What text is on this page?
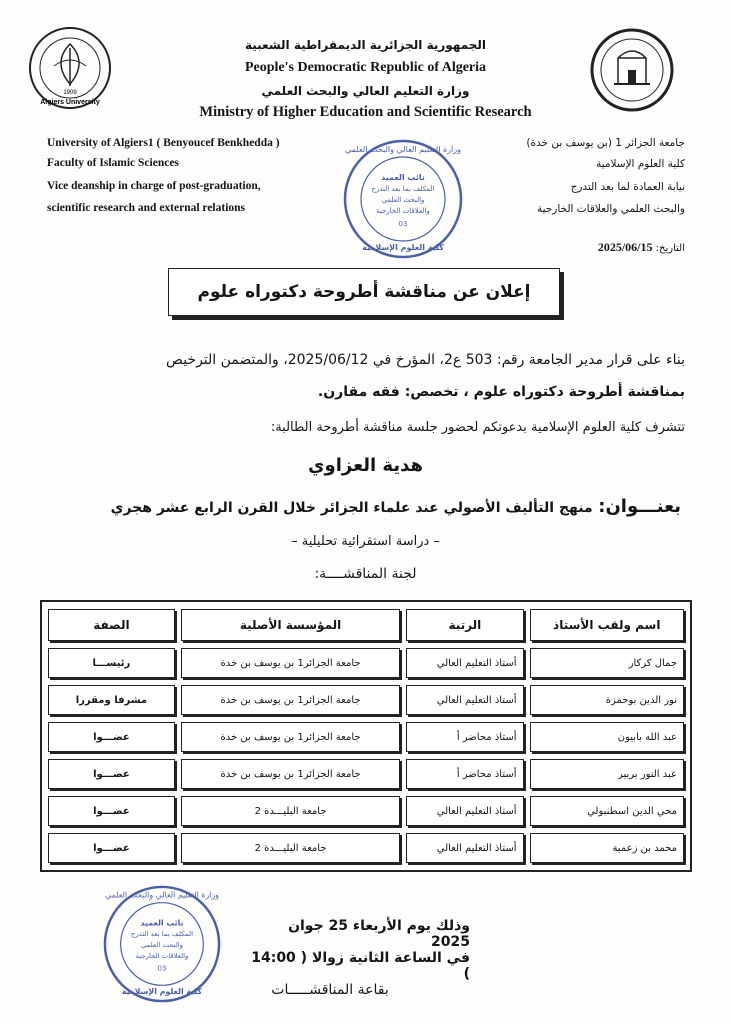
Algiers University
1909
الجمهورية الجزائرية الديمقراطية الشعبية
People's Democratic Republic of Algeria
وزارة التعليم العالي والبحث العلمي
Ministry of Higher Education and Scientific Research
University of Algiers1 ( Benyoucef Benkhedda )
Faculty of Islamic Sciences
Vice deanship in charge of post-graduation,
scientific research and external relations
جامعة الجزائر 1 (بن يوسف بن خدة)
كلية العلوم الإسلامية
نيابة العمادة لما بعد التدرج
والبحث العلمي والعلاقات الخارجية
التاريخ: 2025/06/15
وزارة التعليم العالي والبحث العلمي
نائب العميد
المكلف بما بعد التدرج
والبحث العلمي
والعلاقات الخارجية
03
كلية العلوم الإسلامية
إعلان عن مناقشة أطروحة دكتوراه علوم
بناء على قرار مدير الجامعة رقم: 503 ع2، المؤرخ في 2025/06/12، والمتضمن الترخيص
بمناقشة أطروحة دكتوراه علوم ، تخصص: فقه مقارن.
تتشرف كلية العلوم الإسلامية بدعوتكم لحضور جلسة مناقشة أطروحة الطالبة:
هدية العزاوي
بعنـــوان: منهج التأليف الأصولي عند علماء الجزائر خلال القرن الرابع عشر هجري
– دراسة استقرائية تحليلية –
لجنة المناقشــــة:
اسم ولقب الأستاذ	الرتبة	المؤسسة الأصلية	الصفة
جمال كركار	أستاذ التعليم العالي	جامعة الجزائر1 بن يوسف بن خدة	رئيســـا
نور الدين بوحمزة	أستاذ التعليم العالي	جامعة الجزائر1 بن يوسف بن خدة	مشرفا ومقررا
عبد الله بابيون	أستاذ محاضر أ	جامعة الجزائر1 بن يوسف بن خدة	عضـــوا
عبد النور بربير	أستاذ محاضر أ	جامعة الجزائر1 بن يوسف بن خدة	عضـــوا
محي الدين اسطنبولي	أستاذ التعليم العالي	جامعة البليـــدة 2	عضـــوا
محمد بن زعمية	أستاذ التعليم العالي	جامعة البليـــدة 2	عضـــوا
وزارة التعليم العالي والبحث العلمي
نائب العميد
المكلف بما بعد التدرج
والبحث العلمي
والعلاقات الخارجية
03
كلية العلوم الإسلامية
وذلك يوم الأربعاء 25 جوان 2025
في الساعة الثانية زوالا ( 14:00 )
بقاعة المناقشـــــات
